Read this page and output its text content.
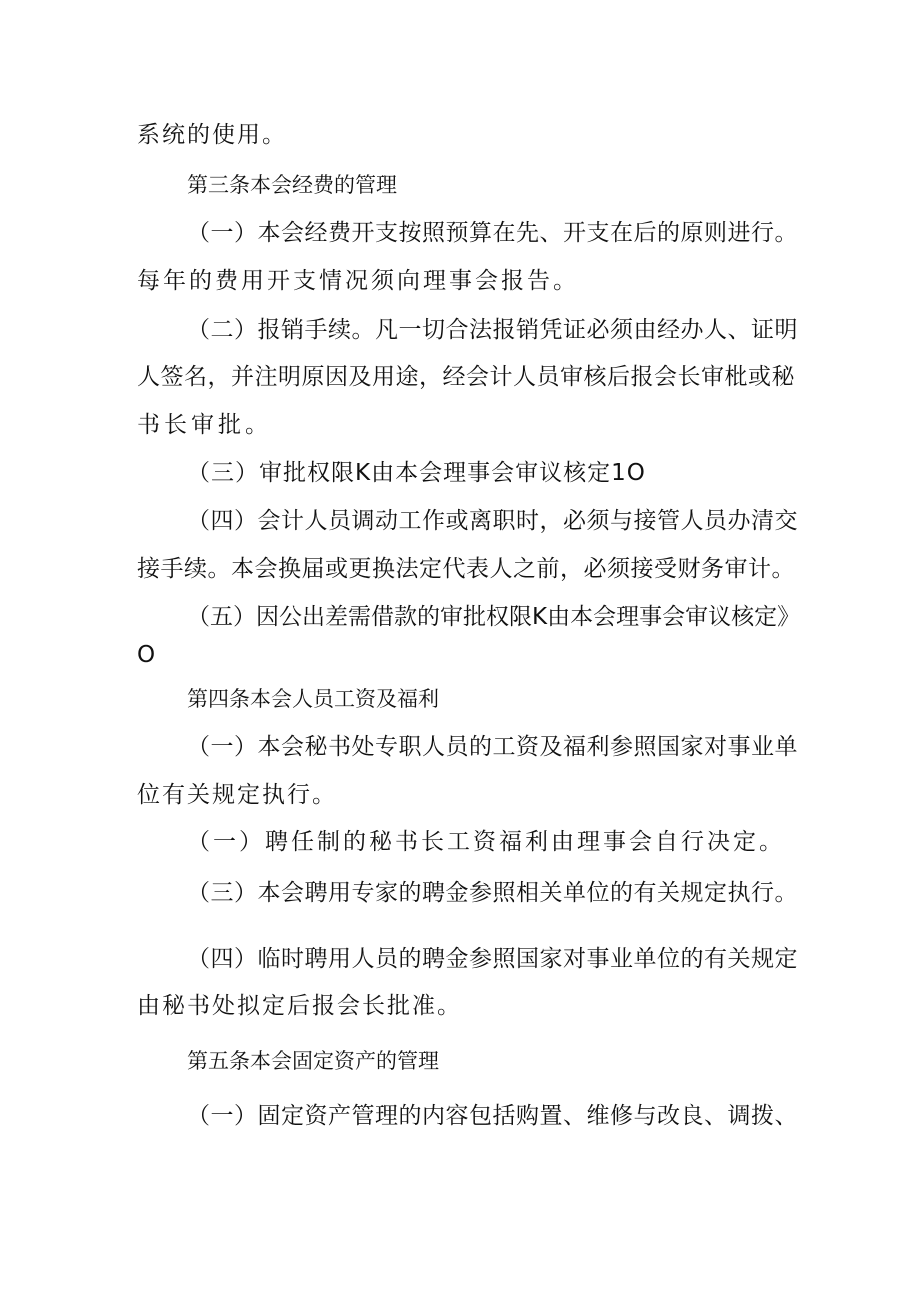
系统的使用。

第三条本会经费的管理

（一）本会经费开支按照预算在先、开支在后的原则进行。

每年的费用开支情况须向理事会报告。

（二）报销手续。凡一切合法报销凭证必须由经办人、证明

人签名，并注明原因及用途，经会计人员审核后报会长审枇或秘

书长审批。

（三）审批权限K由本会理事会审议核定1O

（四）会计人员调动工作或离职时，必须与接管人员办清交

接手续。本会换届或更换法定代表人之前，必须接受财务审计。

（五）因公出差需借款的审批权限K由本会理事会审议核定》

O

第四条本会人员工资及福利

（一）本会秘书处专职人员的工资及福利参照国家对事业单

位有关规定执行。

（一）聘任制的秘书长工资福利由理事会自行决定。

（三）本会聘用专家的聘金参照相关单位的有关规定执行。

（四）临时聘用人员的聘金参照国家对事业单位的有关规定

由秘书处拟定后报会长批准。

第五条本会固定资产的管理

（一）固定资产管理的内容包括购置、维修与改良、调拨、
